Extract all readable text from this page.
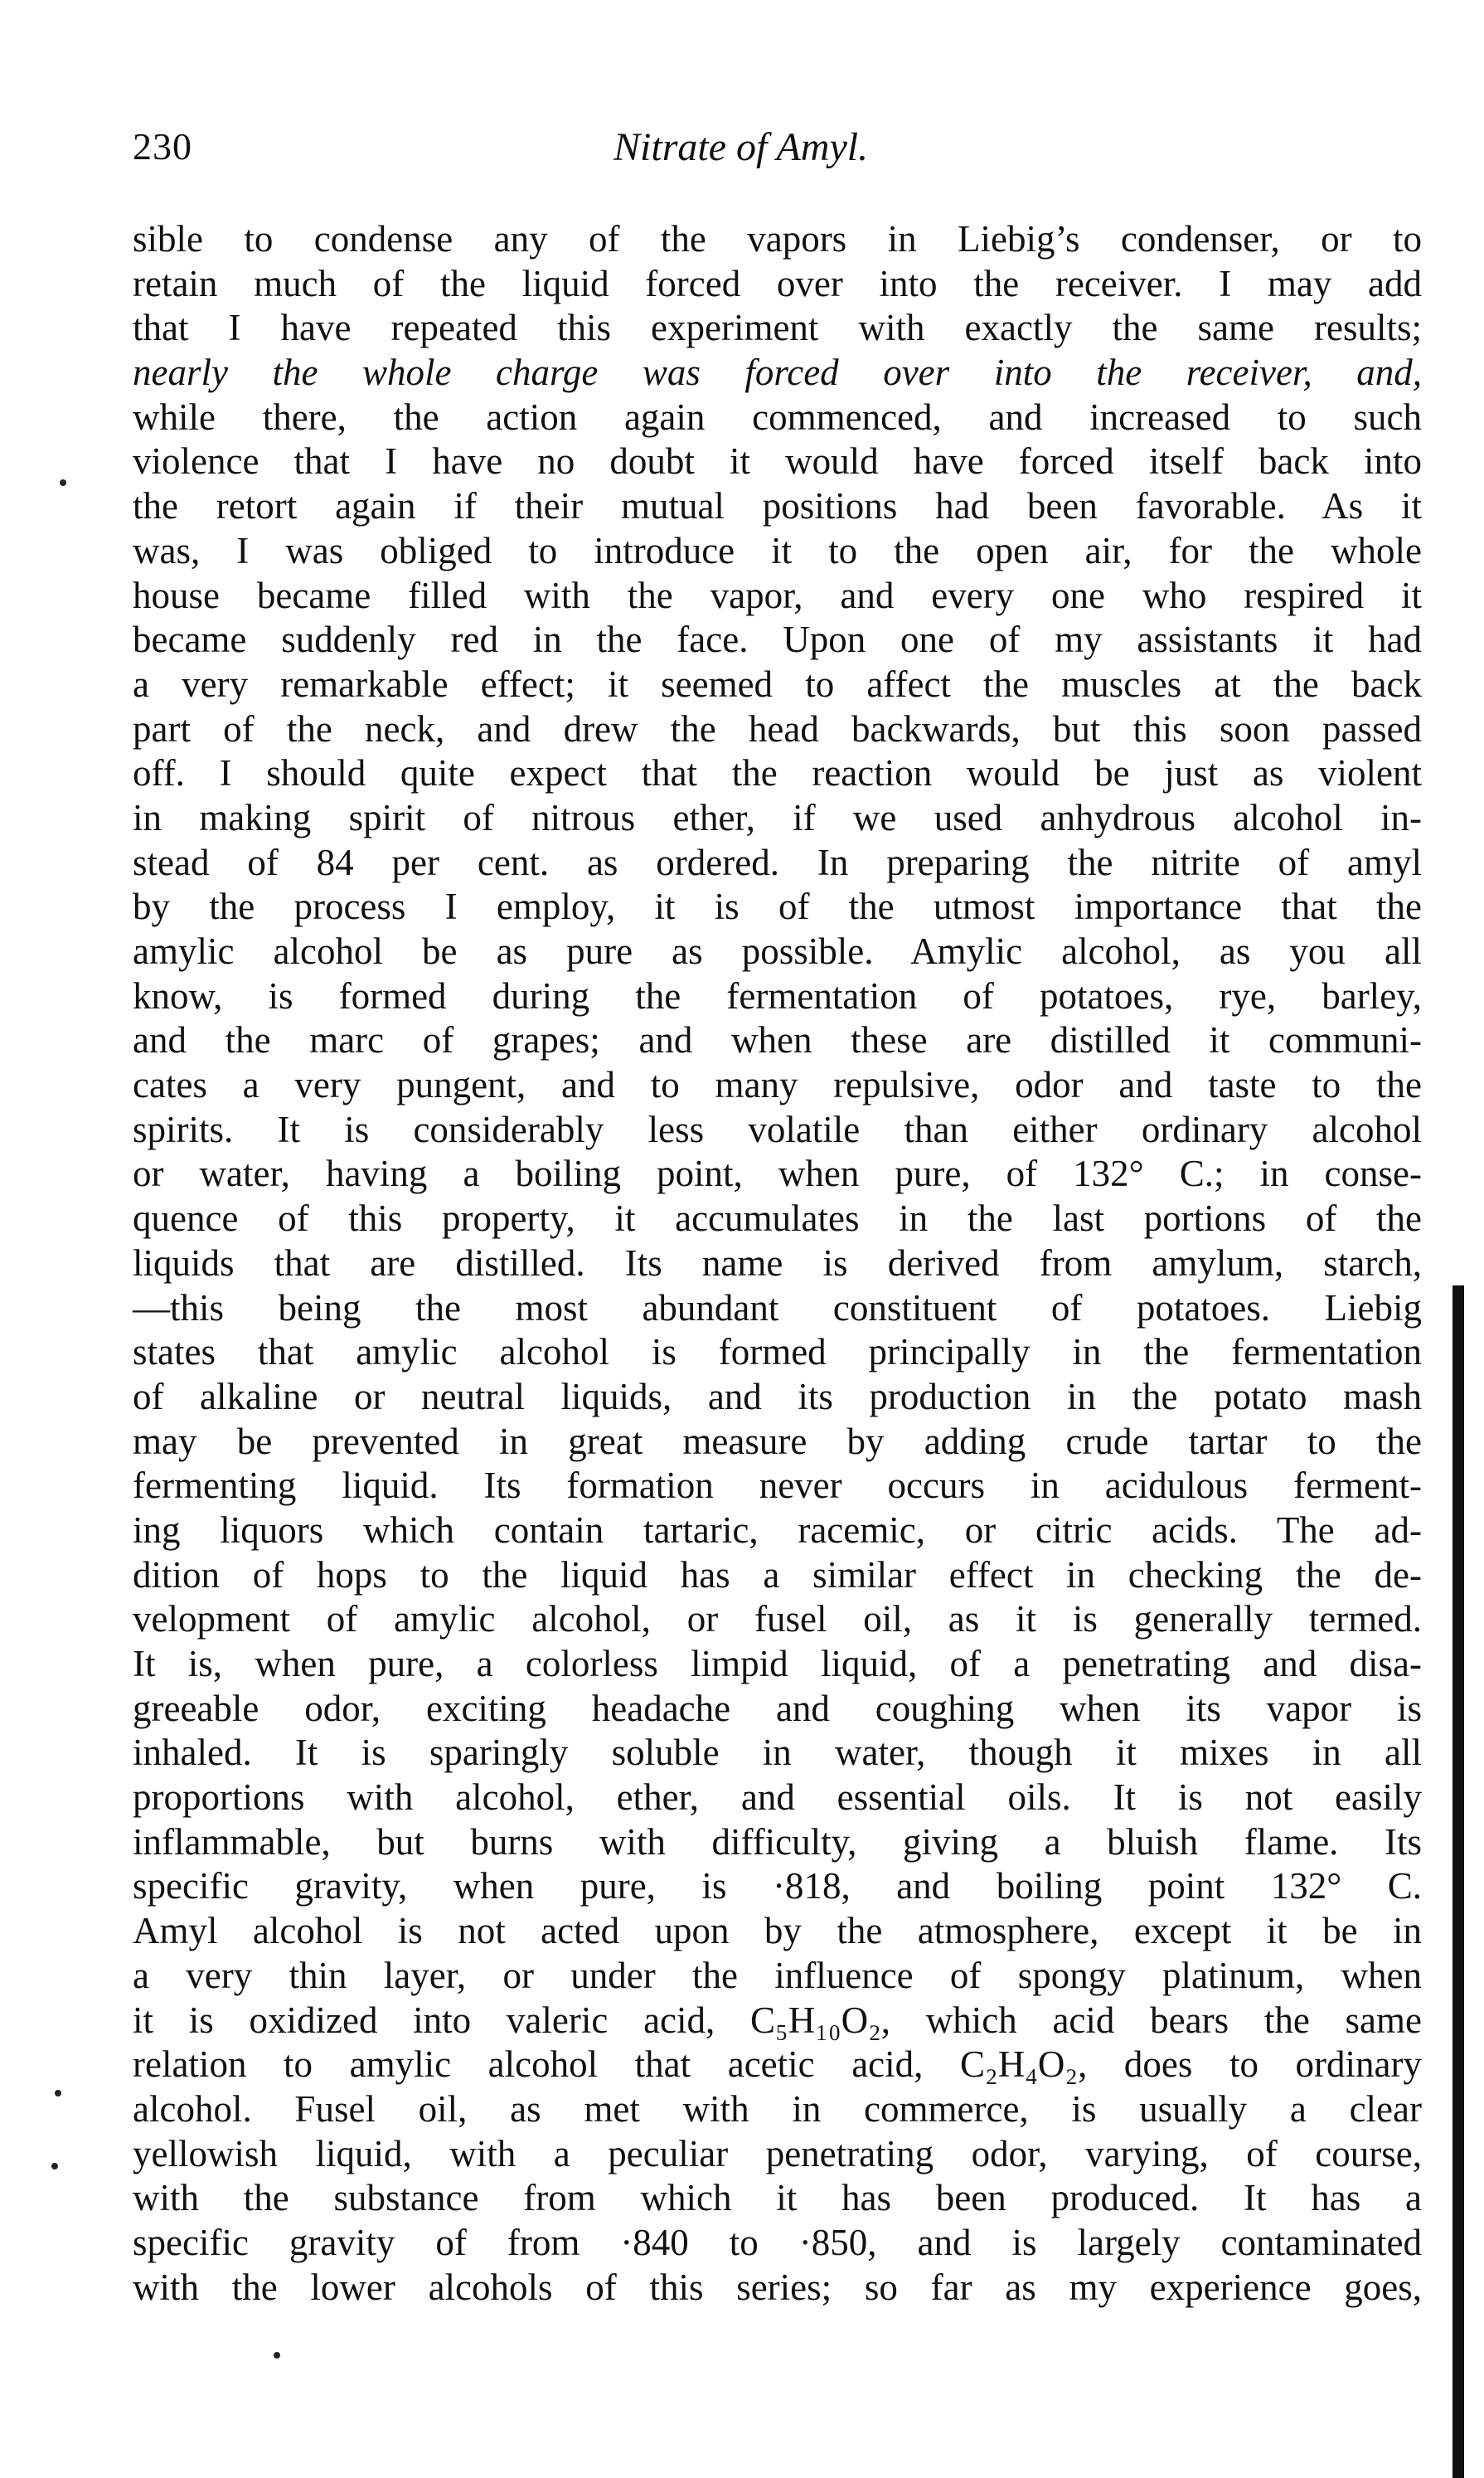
230	Nitrate of Amyl.
sible to condense any of the vapors in Liebig’s condenser, or to
retain much of the liquid forced over into the receiver. I may add
that I have repeated this experiment with exactly the same results;
nearly the whole charge was forced over into the receiver, and,
while there, the action again commenced, and increased to such
violence that I have no doubt it would have forced itself back into
the retort again if their mutual positions had been favorable. As it
was, I was obliged to introduce it to the open air, for the whole
house became filled with the vapor, and every one who respired it
became suddenly red in the face. Upon one of my assistants it had
a very remarkable effect; it seemed to affect the muscles at the back
part of the neck, and drew the head backwards, but this soon passed
off. I should quite expect that the reaction would be just as violent
in making spirit of nitrous ether, if we used anhydrous alcohol in-
stead of 84 per cent. as ordered. In preparing the nitrite of amyl
by the process I employ, it is of the utmost importance that the
amylic alcohol be as pure as possible. Amylic alcohol, as you all
know, is formed during the fermentation of potatoes, rye, barley,
and the marc of grapes; and when these are distilled it communi-
cates a very pungent, and to many repulsive, odor and taste to the
spirits. It is considerably less volatile than either ordinary alcohol
or water, having a boiling point, when pure, of 132° C.; in conse-
quence of this property, it accumulates in the last portions of the
liquids that are distilled. Its name is derived from amylum, starch,
—this being the most abundant constituent of potatoes. Liebig
states that amylic alcohol is formed principally in the fermentation
of alkaline or neutral liquids, and its production in the potato mash
may be prevented in great measure by adding crude tartar to the
fermenting liquid. Its formation never occurs in acidulous ferment-
ing liquors which contain tartaric, racemic, or citric acids. The ad-
dition of hops to the liquid has a similar effect in checking the de-
velopment of amylic alcohol, or fusel oil, as it is generally termed.
It is, when pure, a colorless limpid liquid, of a penetrating and disa-
greeable odor, exciting headache and coughing when its vapor is
inhaled. It is sparingly soluble in water, though it mixes in all
proportions with alcohol, ether, and essential oils. It is not easily
inflammable, but burns with difficulty, giving a bluish flame. Its
specific gravity, when pure, is ·818, and boiling point 132° C.
Amyl alcohol is not acted upon by the atmosphere, except it be in
a very thin layer, or under the influence of spongy platinum, when
it is oxidized into valeric acid, C₅H₁₀O₂, which acid bears the same
relation to amylic alcohol that acetic acid, C₂H₄O₂, does to ordinary
alcohol. Fusel oil, as met with in commerce, is usually a clear
yellowish liquid, with a peculiar penetrating odor, varying, of course,
with the substance from which it has been produced. It has a
specific gravity of from ·840 to ·850, and is largely contaminated
with the lower alcohols of this series; so far as my experience goes,
